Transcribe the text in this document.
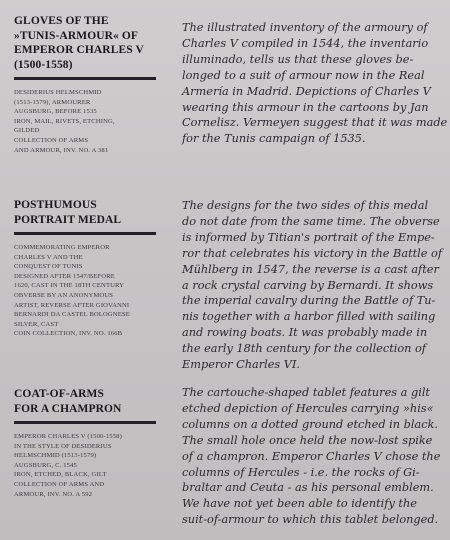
GLOVES OF THE
»TUNIS-ARMOUR« OF
EMPEROR CHARLES V
(1500-1558)
DESIDERIUS HELMSCHMID
(1513-1579), ARMOURER
AUGSBURG, BEFORE 1535
IRON, MAIL, RIVETS, ETCHING,
GILDED
COLLECTION OF ARMS
AND ARMOUR, INV. NO. A 381
The illustrated inventory of the armoury of
Charles V compiled in 1544, the inventario
illuminado, tells us that these gloves be-
longed to a suit of armour now in the Real
Armería in Madrid. Depictions of Charles V
wearing this armour in the cartoons by Jan
Cornelisz. Vermeyen suggest that it was made
for the Tunis campaign of 1535.
POSTHUMOUS
PORTRAIT MEDAL
COMMEMORATING EMPEROR
CHARLES V AND THE
CONQUEST OF TUNIS
DESIGNED AFTER 1547/BEFORE
1620, CAST IN THE 18TH CENTURY
OBVERSE BY AN ANONYMOUS
ARTIST, REVERSE AFTER GIOVANNI
BERNARDI DA CASTEL BOLOGNESE
SILVER, CAST
COIN COLLECTION, INV. NO. 166Β
The designs for the two sides of this medal
do not date from the same time. The obverse
is informed by Titian's portrait of the Empe-
ror that celebrates his victory in the Battle of
Mühlberg in 1547, the reverse is a cast after
a rock crystal carving by Bernardi. It shows
the imperial cavalry during the Battle of Tu-
nis together with a harbor filled with sailing
and rowing boats. It was probably made in
the early 18th century for the collection of
Emperor Charles VI.
COAT-OF-ARMS
FOR A CHAMPRON
EMPEROR CHARLES V (1500-1558)
IN THE STYLE OF DESIDERIUS
HELMSCHMID (1513-1579)
AUGSBURG, C. 1545
IRON, ETCHED, BLACK, GILT
COLLECTION OF ARMS AND
ARMOUR, INV. NO. A 592
The cartouche-shaped tablet features a gilt
etched depiction of Hercules carrying »his«
columns on a dotted ground etched in black.
The small hole once held the now-lost spike
of a champron. Emperor Charles V chose the
columns of Hercules - i.e. the rocks of Gi-
braltar and Ceuta - as his personal emblem.
We have not yet been able to identify the
suit-of-armour to which this tablet belonged.
